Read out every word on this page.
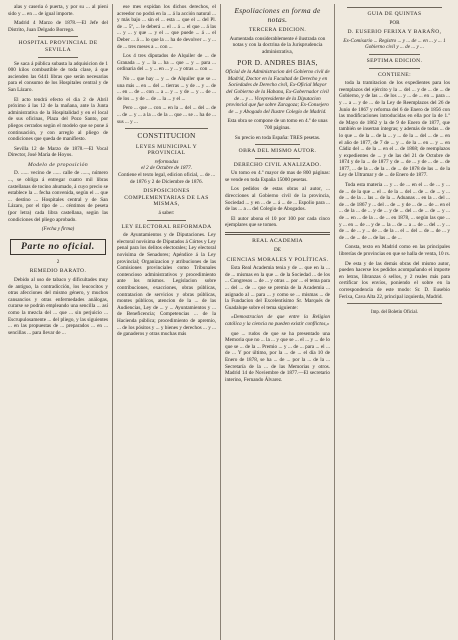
alas y caseria ó puerta, y por su ... al pieni sido y ... en ... de igual importe.

Madrid 4 Marzo de 1878.—El Jefe del Distrito, Juan Delgado Borrego.

HOSPITAL PROVINCIAL DE SEVILLA

Se saca á pública subasta la adquisicion de 1 000 kilos combustible de toda clase, á que ascienden las 6441 libras que serán necesarias para el consumo de los Hospitales central y de San Lázaro.

El acto tendrá efecto el dia 2 de Abril próximo á las 12 de la mañana, ante la Junta administrativa de la Hospitalidad y en el local de sus oficinas, Plaza del Pozo Santo, por pliegos cerrados según el modelo que se pone á continuación, y con arreglo al pliego de condiciones que queda de manifiesto.

Sevilla 12 de Marzo de 1878.—El Vocal Director, José María de Hoyos.

Modelo de proposición

D. ...... vecino de ...... calle de ......, número ..., se obliga á entregar cuatro mil libras castellanas de tocino ahumado, á cuyo precio se establece la ... fecha convenida, según el ... que ... destino ... Hospitales central y de San Lázaro, por el tipo de ... céntimos de peseta (por letra) cada libra castellana, según las condiciones del pliego aprobado.

(Fecha y firma)
Parte no oficial.
2
REMEDIO BARATO.

Debido al uso de tabaco y dificultades muy de antiguo, la contradicción, los leucocitos y otras afecciones del mismo género, y muchos cansancios y otras enfermedades análogas, curarse se podrán empleando una sencilla ... así como la mezcla del ... que ... sin perjuicio ... Escrupulosamente ... del pliego, y las siguientes ... en las propuestas de ... preparados ... en ... sencillas ... para llevar de ...

ese mes expidan los dichos derechos, el acreedor no podrá en la ... á la acción natural ... y más bajo ... sin el ... esta ... que el ... del Pl. de ... 5º, ... le deberá ... el ... á ... el que ... á las ... y ... y que ... y el ... que puede ... á ... el Deber ... á ... lo que la ... ha de devolver ... y ... de ... tres meses a ... con ...

Los 4 tres diputados de Alquiler de ... de Granada ... y ... la ... ha ... que ... y ... para ... ordinaria del ... y ... en ... y ... y otras ... con ...

No ... que hay ... y ... de Alquiler que se ... una más ... en ... del ... tierras ... y de ... y ... de ... en ... de ... con ... a ... y ... y de ... y ... de ... de los ... y de ... de ... la ... y el ...

Pero ... que ... con ... en la ... del ... del ... de ... de ... y ... a la ... de la ... que ... se ... ha de ... sus ... y ...

CONSTITUCION
LEYES MUNICIPAL Y PROVINCIAL
reformadas
el 2 de Octubre de 1877.

Contiene el texto legal, edicion oficial, ... de ... de 1876 y 2 de Diciembre de 1876.

DISPOSICIONES COMPLEMENTARIAS DE LAS MISMAS,
á saber:
LEY ELECTORAL REFORMADA

de Ayuntamientos y de Diputaciones. Ley electoral novísima de Diputados á Córtes y Ley penal para los delitos electorales; Ley electoral novísima de Senadores; Apéndice á la Ley provincial; Organizacion y atribuciones de las Comisiones provinciales como Tribunales contencioso administrativos y procedimiento ante los mismos. Legislacion sobre contribuciones, exacciones, obras públicas, contratacion de servicios y obras públicas, montes públicos, atencion de la ... de las Audiencias, Ley de ... y ... Ayuntamientos y ... de Beneficencia; Competencias ... de la Hacienda pública; procedimiento de apremio, ... de los pósitos y ... y bienes y derechos ... y ... de ganaderos y otras muchas más

Espoliaciones en forma de notas.
TERCERA EDICION.

Aumentada considerablemente é ilustrada con notas y con la doctrina de la Jurisprudencia administrativa,

POR D. ANDRES BIAS,

Oficial de la Administracion del Gobierno civil de Madrid, Doctor en la Facultad de Derecho y en Sociedades de Derecho civil, Ex-Oficial Mayor del Gobierno de la Habana, Ex-Gobernador civil de ... y ... Vicepresidente de la Diputacion provincial que fue sobre Zaragoza; Ex-Consejero de ... y Abogado del Ilustre Colegio de Madrid.

Esta obra se compone de un tomo en 4.º de unas 700 páginas.

Su precio en toda España: TRES pesetas.

OBRA DEL MISMO AUTOR.
DERECHO CIVIL ANALIZADO.

Un tomo en 4.º mayor de mas de 800 páginas: se vende en toda España 15000 pesetas.

Los pedidos de estas obras al autor, ... direcciones al Gobierno civil de la provincia, Sociedad ... y en ... de ... á ... de ... Espolio para ... de las ... a ... del Colegio de Abogados.

El autor abona el 10 por 100 por cada cinco ejemplares que se tomen.

REAL ACADEMIA
DE
CIENCIAS MORALES Y POLÍTICAS.

Esta Real Academia tenia y de ... que en la ... de ... mismas en la que ... de la Sociedad ... de los ... Congresos ... de ... y otras ... por ... el tema para ... del ... de ... que se premia de la Academia ... asignado al ... para ... y como se ... mismas ... de la Fundacion del Excelentísimo Sr. Marqués de Guadalupe sobre el tema siguiente:

«Demostracion de que entre la Religion católica y la ciencia no pueden existir conflictos,»

que ... rudos de que se ha presentado una Memoria que no ... la ... y que se ... el ... y ... de lo que se ... de la ... Premio ... y ... de ... para ... el ... de ... Y por último, por la ... de ... el día 10 de Enero de 1878, se ha ... de ... por la ... de la ... Secretaría de la ... de las Memorias y otros. Madrid 14 de Noviembre de 1877.—El secretario interino, Fernando Álvarez.

GUIA DE QUINTAS
POR
D. EUSEBIO FERIXA Y BARAÑO,

Ex-Comisario ... Registro ... y ... de ... en ... y ... 1 Gobierno civil y ... de ... y ...

SEPTIMA EDICION.
CONTIENE:

toda la tramitacion de los expedientes para los reemplazos del ejército y la ... del ... y de ... de ... de Gobierno, y de las ... de los ... y ... de ... en ... para ... y ... a ... y de ... de la Ley de Reemplazos del 26 de Junio de 1867 y reforma del 6 de Enero de 1856 con las modificaciones introducidas en ella por la de 1.º de Mayo de 1862 y la de 9 de Enero de 1877, que también se insertan íntegras; y además de todas ... de lo que ... de la ... de la ... y ... de la ... del ... de ... en el año de 1877, de 7 de ... y ... de la ... en ... y ... en Cádiz del ... de la ... en el ... de 1868; de reemplazos y expedientes de ... y de las del 21 de Octubre de 1874 y de la ... de 1877 y de ... de ... y de ... de ... de 1877, ... de la ... de la ... de ... de 1878 de las ... de la Ley de Ultramar y de ... de Enero de 1877.

Toda esta materia ... y ... de ... en el ... de ... y ... de ... de la que ... el ... de la ... del ... de ... de ... y ... de ... de la ... las ... de la ... Aduanas ... en la ... del ... de ... de 1867 y ... del ... de ... y de ... de ... de ... en el ... de la ... de ... y de ... y de ... del ... de ... de ... y ... de ... en ... de la ... de ... en 1878, ... según las que ... y ... en ... de ... y de ... la ... de ... a ... de ... del ... y ... de ... de ... y ... de ... de la ... el ... del ... de ... de ... y de ... de ... de ... de las ... de ...

Consta, texto en Madrid como en las principales librerías de provincias en que se halla de venta, 10 rs.

De esta y de las demás obras del mismo autor, pueden hacerse los pedidos acompañando el importe en letras, libranzas ó sellos, y 2 reales más para certificar los envíos, poniendo el sobre en la correspondencia de este modo: Sr. D. Eusebio Ferixa, Cava Alta 22, principal izquierda, Madrid.

Imp. del Boletin Oficial.
